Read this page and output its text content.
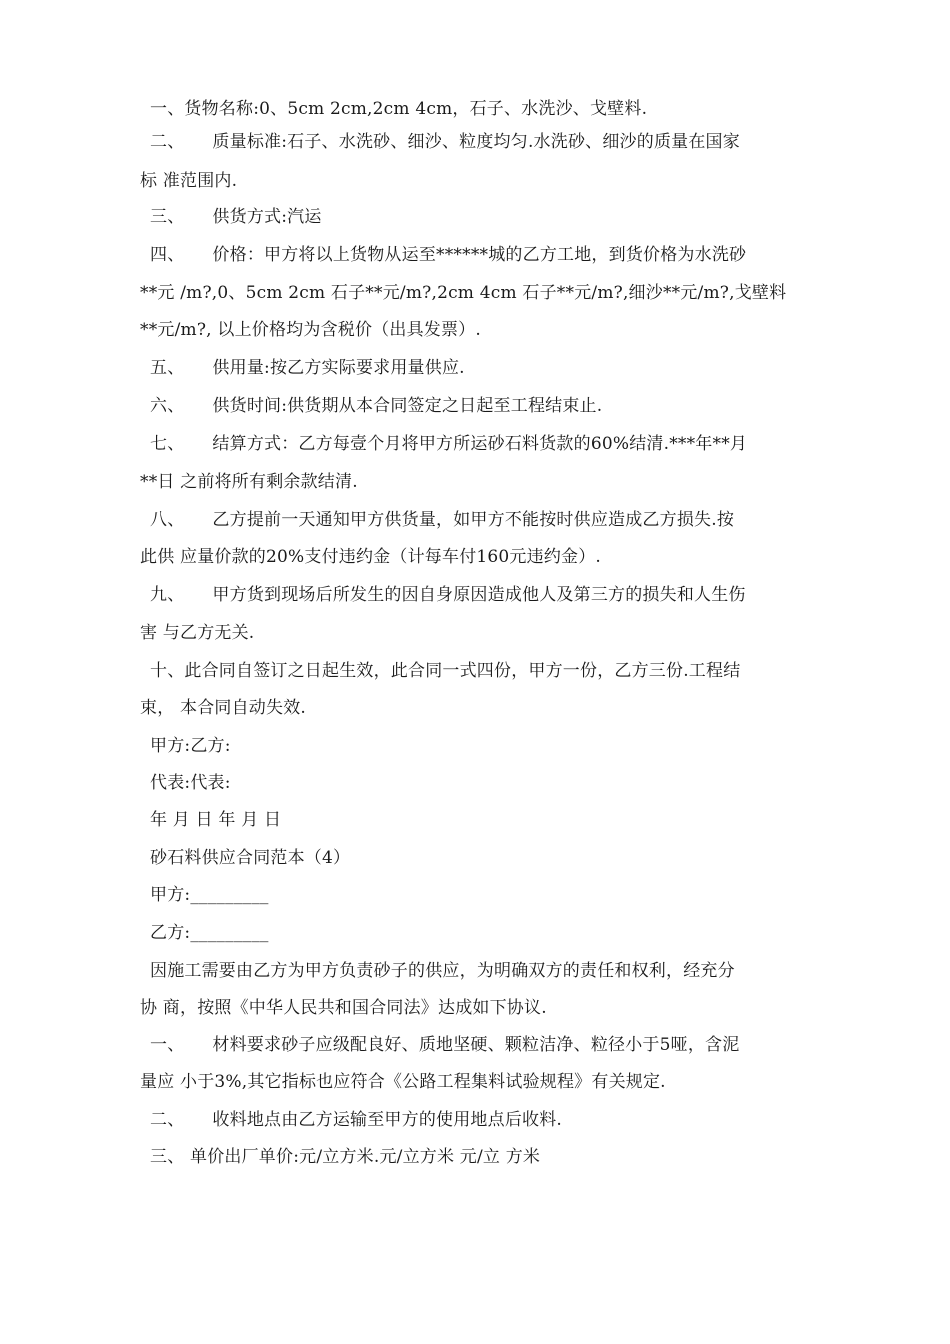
一、货物名称:0、5cm 2cm,2cm 4cm，石子、水洗沙、戈壁料.
二、     质量标准:石子、水洗砂、细沙、粒度均匀.水洗砂、细沙的质量在国家
标 准范围内.
三、     供货方式:汽运
四、     价格：甲方将以上货物从运至******城的乙方工地，到货价格为水洗砂
**元 /m?,0、5cm 2cm 石子**元/m?,2cm 4cm 石子**元/m?,细沙**元/m?,戈壁料
**元/m?, 以上价格均为含税价（出具发票）.
五、     供用量:按乙方实际要求用量供应.
六、     供货时间:供货期从本合同签定之日起至工程结束止.
七、     结算方式：乙方每壹个月将甲方所运砂石料货款的60%结清.***年**月
**日 之前将所有剩余款结清.
八、     乙方提前一天通知甲方供货量，如甲方不能按时供应造成乙方损失.按
此供 应量价款的20%支付违约金（计每车付160元违约金）.
九、     甲方货到现场后所发生的因自身原因造成他人及第三方的损失和人生伤
害 与乙方无关.
十、此合同自签订之日起生效，此合同一式四份，甲方一份，乙方三份.工程结
束， 本合同自动失效.
甲方:乙方:
代表:代表:
年 月 日 年 月 日
砂石料供应合同范本（4）
甲方:_________
乙方:_________
因施工需要由乙方为甲方负责砂子的供应，为明确双方的责任和权利，经充分
协 商，按照《中华人民共和国合同法》达成如下协议.
一、     材料要求砂子应级配良好、质地坚硬、颗粒洁净、粒径小于5哑，含泥
量应 小于3%,其它指标也应符合《公路工程集料试验规程》有关规定.
二、     收料地点由乙方运输至甲方的使用地点后收料.
三、 单价出厂单价:元/立方米.元/立方米 元/立 方米
